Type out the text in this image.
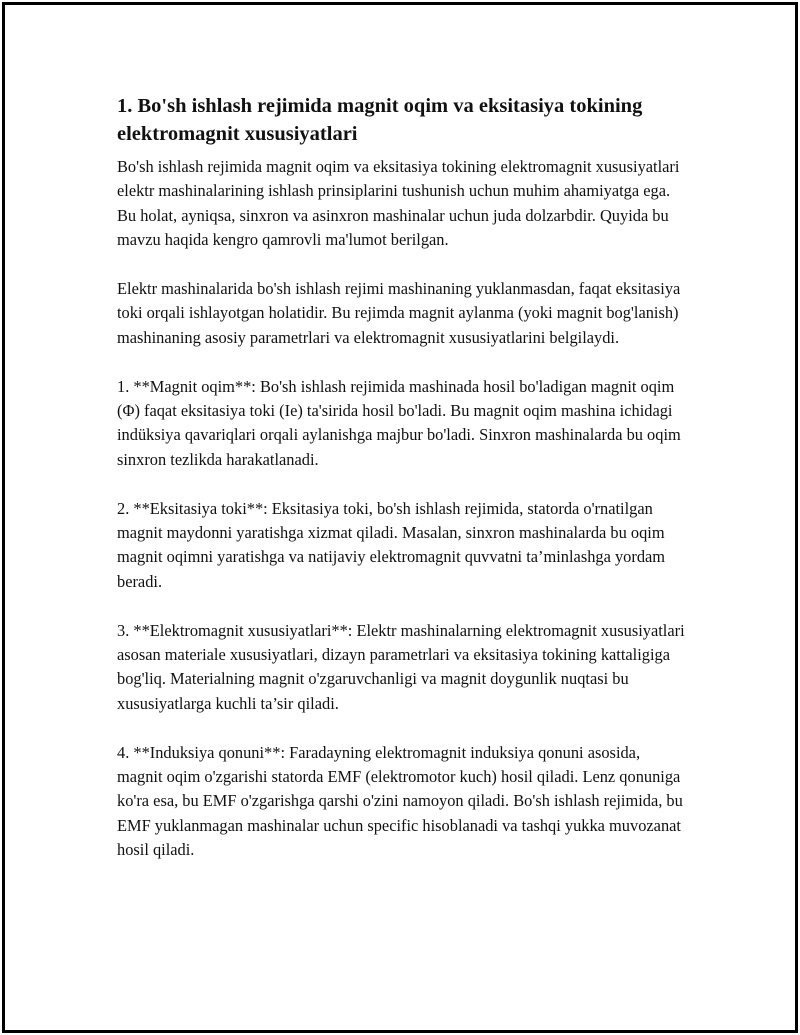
1. Bo'sh ishlash rejimida magnit oqim va eksitasiya tokining elektromagnit xususiyatlari

Bo'sh ishlash rejimida magnit oqim va eksitasiya tokining elektromagnit xususiyatlari elektr mashinalarining ishlash prinsiplarini tushunish uchun muhim ahamiyatga ega. Bu holat, ayniqsa, sinxron va asinxron mashinalar uchun juda dolzarbdir. Quyida bu mavzu haqida kengro qamrovli ma'lumot berilgan.

Elektr mashinalarida bo'sh ishlash rejimi mashinaning yuklanmasdan, faqat eksitasiya toki orqali ishlayotgan holatidir. Bu rejimda magnit aylanma (yoki magnit bog'lanish) mashinaning asosiy parametrlari va elektromagnit xususiyatlarini belgilaydi.

1. **Magnit oqim**: Bo'sh ishlash rejimida mashinada hosil bo'ladigan magnit oqim (Φ) faqat eksitasiya toki (Ie) ta'sirida hosil bo'ladi. Bu magnit oqim mashina ichidagi indüksiya qavariqlari orqali aylanishga majbur bo'ladi. Sinxron mashinalarda bu oqim sinxron tezlikda harakatlanadi.

2. **Eksitasiya toki**: Eksitasiya toki, bo'sh ishlash rejimida, statorda o'rnatilgan magnit maydonni yaratishga xizmat qiladi. Masalan, sinxron mashinalarda bu oqim magnit oqimni yaratishga va natijaviy elektromagnit quvvatni ta’minlashga yordam beradi.

3. **Elektromagnit xususiyatlari**: Elektr mashinalarning elektromagnit xususiyatlari asosan materiale xususiyatlari, dizayn parametrlari va eksitasiya tokining kattaligiga bog'liq. Materialning magnit o'zgaruvchanligi va magnit doygunlik nuqtasi bu xususiyatlarga kuchli ta’sir qiladi.

4. **Induksiya qonuni**: Faradayning elektromagnit induksiya qonuni asosida, magnit oqim o'zgarishi statorda EMF (elektromotor kuch) hosil qiladi. Lenz qonuniga ko'ra esa, bu EMF o'zgarishga qarshi o'zini namoyon qiladi. Bo'sh ishlash rejimida, bu EMF yuklanmagan mashinalar uchun specific hisoblanadi va tashqi yukka muvozanat hosil qiladi.
